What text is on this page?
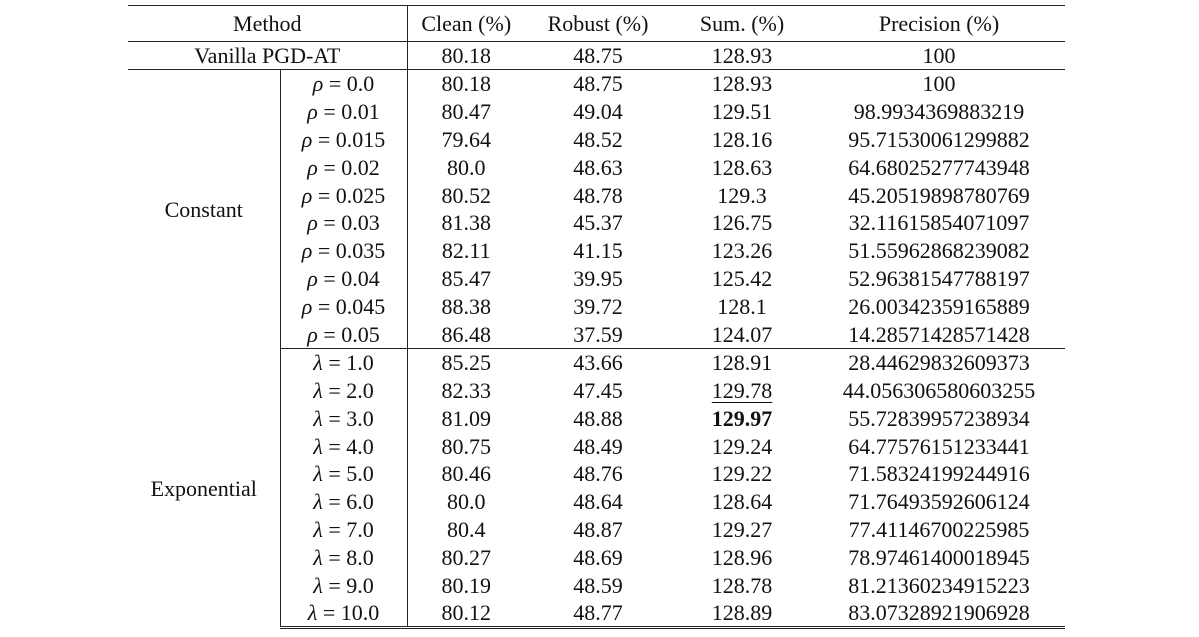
Method		Clean (%)	Robust (%)	Sum. (%)	Precision (%)
Vanilla PGD-AT		80.18	48.75	128.93	100
Constant	ρ = 0.0	80.18	48.75	128.93	100
	ρ = 0.01	80.47	49.04	129.51	98.9934369883219
	ρ = 0.015	79.64	48.52	128.16	95.71530061299882
	ρ = 0.02	80.0	48.63	128.63	64.68025277743948
	ρ = 0.025	80.52	48.78	129.3	45.20519898780769
	ρ = 0.03	81.38	45.37	126.75	32.11615854071097
	ρ = 0.035	82.11	41.15	123.26	51.55962868239082
	ρ = 0.04	85.47	39.95	125.42	52.96381547788197
	ρ = 0.045	88.38	39.72	128.1	26.00342359165889
	ρ = 0.05	86.48	37.59	124.07	14.28571428571428
Exponential	λ = 1.0	85.25	43.66	128.91	28.44629832609373
	λ = 2.0	82.33	47.45	129.78	44.056306580603255
	λ = 3.0	81.09	48.88	129.97	55.72839957238934
	λ = 4.0	80.75	48.49	129.24	64.77576151233441
	λ = 5.0	80.46	48.76	129.22	71.58324199244916
	λ = 6.0	80.0	48.64	128.64	71.76493592606124
	λ = 7.0	80.4	48.87	129.27	77.41146700225985
	λ = 8.0	80.27	48.69	128.96	78.97461400018945
	λ = 9.0	80.19	48.59	128.78	81.21360234915223
	λ = 10.0	80.12	48.77	128.89	83.07328921906928
